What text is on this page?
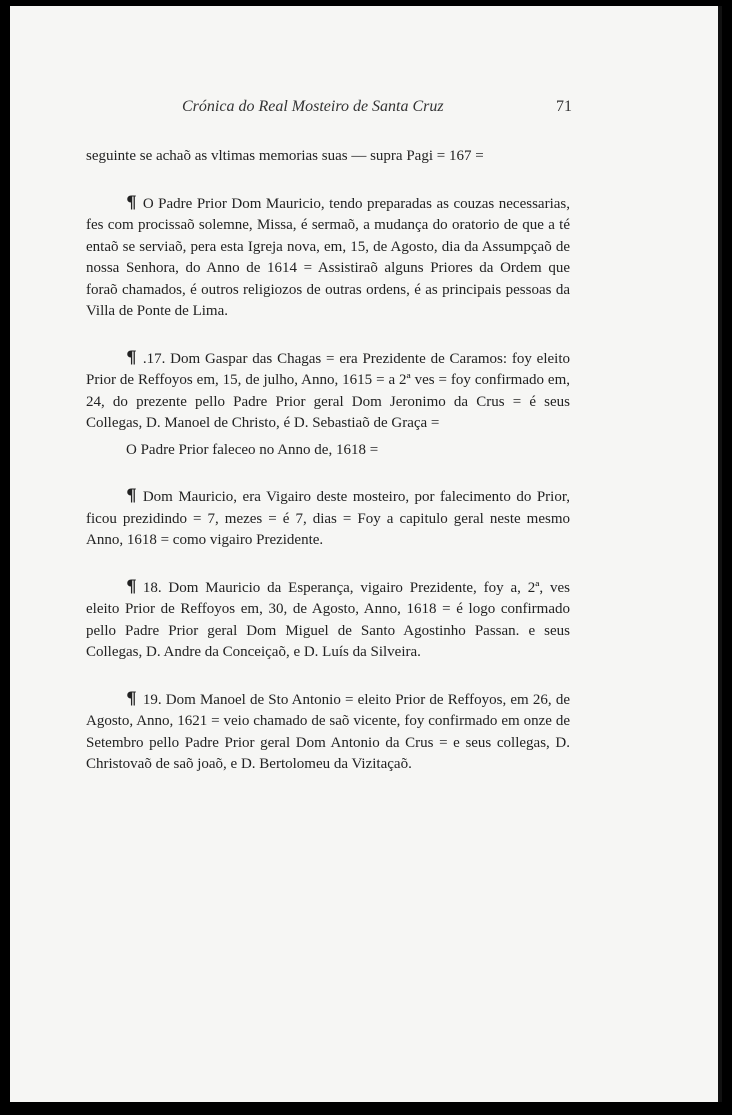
Crónica do Real Mosteiro de Santa Cruz	71

seguinte se achaõ as vltimas memorias suas — supra Pagi = 167 =

¶ O Padre Prior Dom Mauricio, tendo preparadas as couzas necessarias, fes com procissaõ solemne, Missa, é sermaõ, a mudança do oratorio de que a té entaõ se serviaõ, pera esta Igreja nova, em, 15, de Agosto, dia da Assumpçaõ de nossa Senhora, do Anno de 1614 = Assistiraõ alguns Priores da Ordem que foraõ chamados, é outros religiozos de outras ordens, é as principais pessoas da Villa de Ponte de Lima.

¶ .17. Dom Gaspar das Chagas = era Prezidente de Caramos: foy eleito Prior de Reffoyos em, 15, de julho, Anno, 1615 = a 2ª ves = foy confirmado em, 24, do prezente pello Padre Prior geral Dom Jeronimo da Crus = é seus Collegas, D. Manoel de Christo, é D. Sebastiaõ de Graça =

O Padre Prior faleceo no Anno de, 1618 =

¶ Dom Mauricio, era Vigairo deste mosteiro, por falecimento do Prior, ficou prezidindo = 7, mezes = é 7, dias = Foy a capitulo geral neste mesmo Anno, 1618 = como vigairo Prezidente.

¶ 18. Dom Mauricio da Esperança, vigairo Prezidente, foy a, 2ª, ves eleito Prior de Reffoyos em, 30, de Agosto, Anno, 1618 = é logo confirmado pello Padre Prior geral Dom Miguel de Santo Agostinho Passan. e seus Collegas, D. Andre da Conceiçaõ, e D. Luís da Silveira.

¶ 19. Dom Manoel de Sto Antonio = eleito Prior de Reffoyos, em 26, de Agosto, Anno, 1621 = veio chamado de saõ vicente, foy confirmado em onze de Setembro pello Padre Prior geral Dom Antonio da Crus = e seus collegas, D. Christovaõ de saõ joaõ, e D. Bertolomeu da Vizitaçaõ.
